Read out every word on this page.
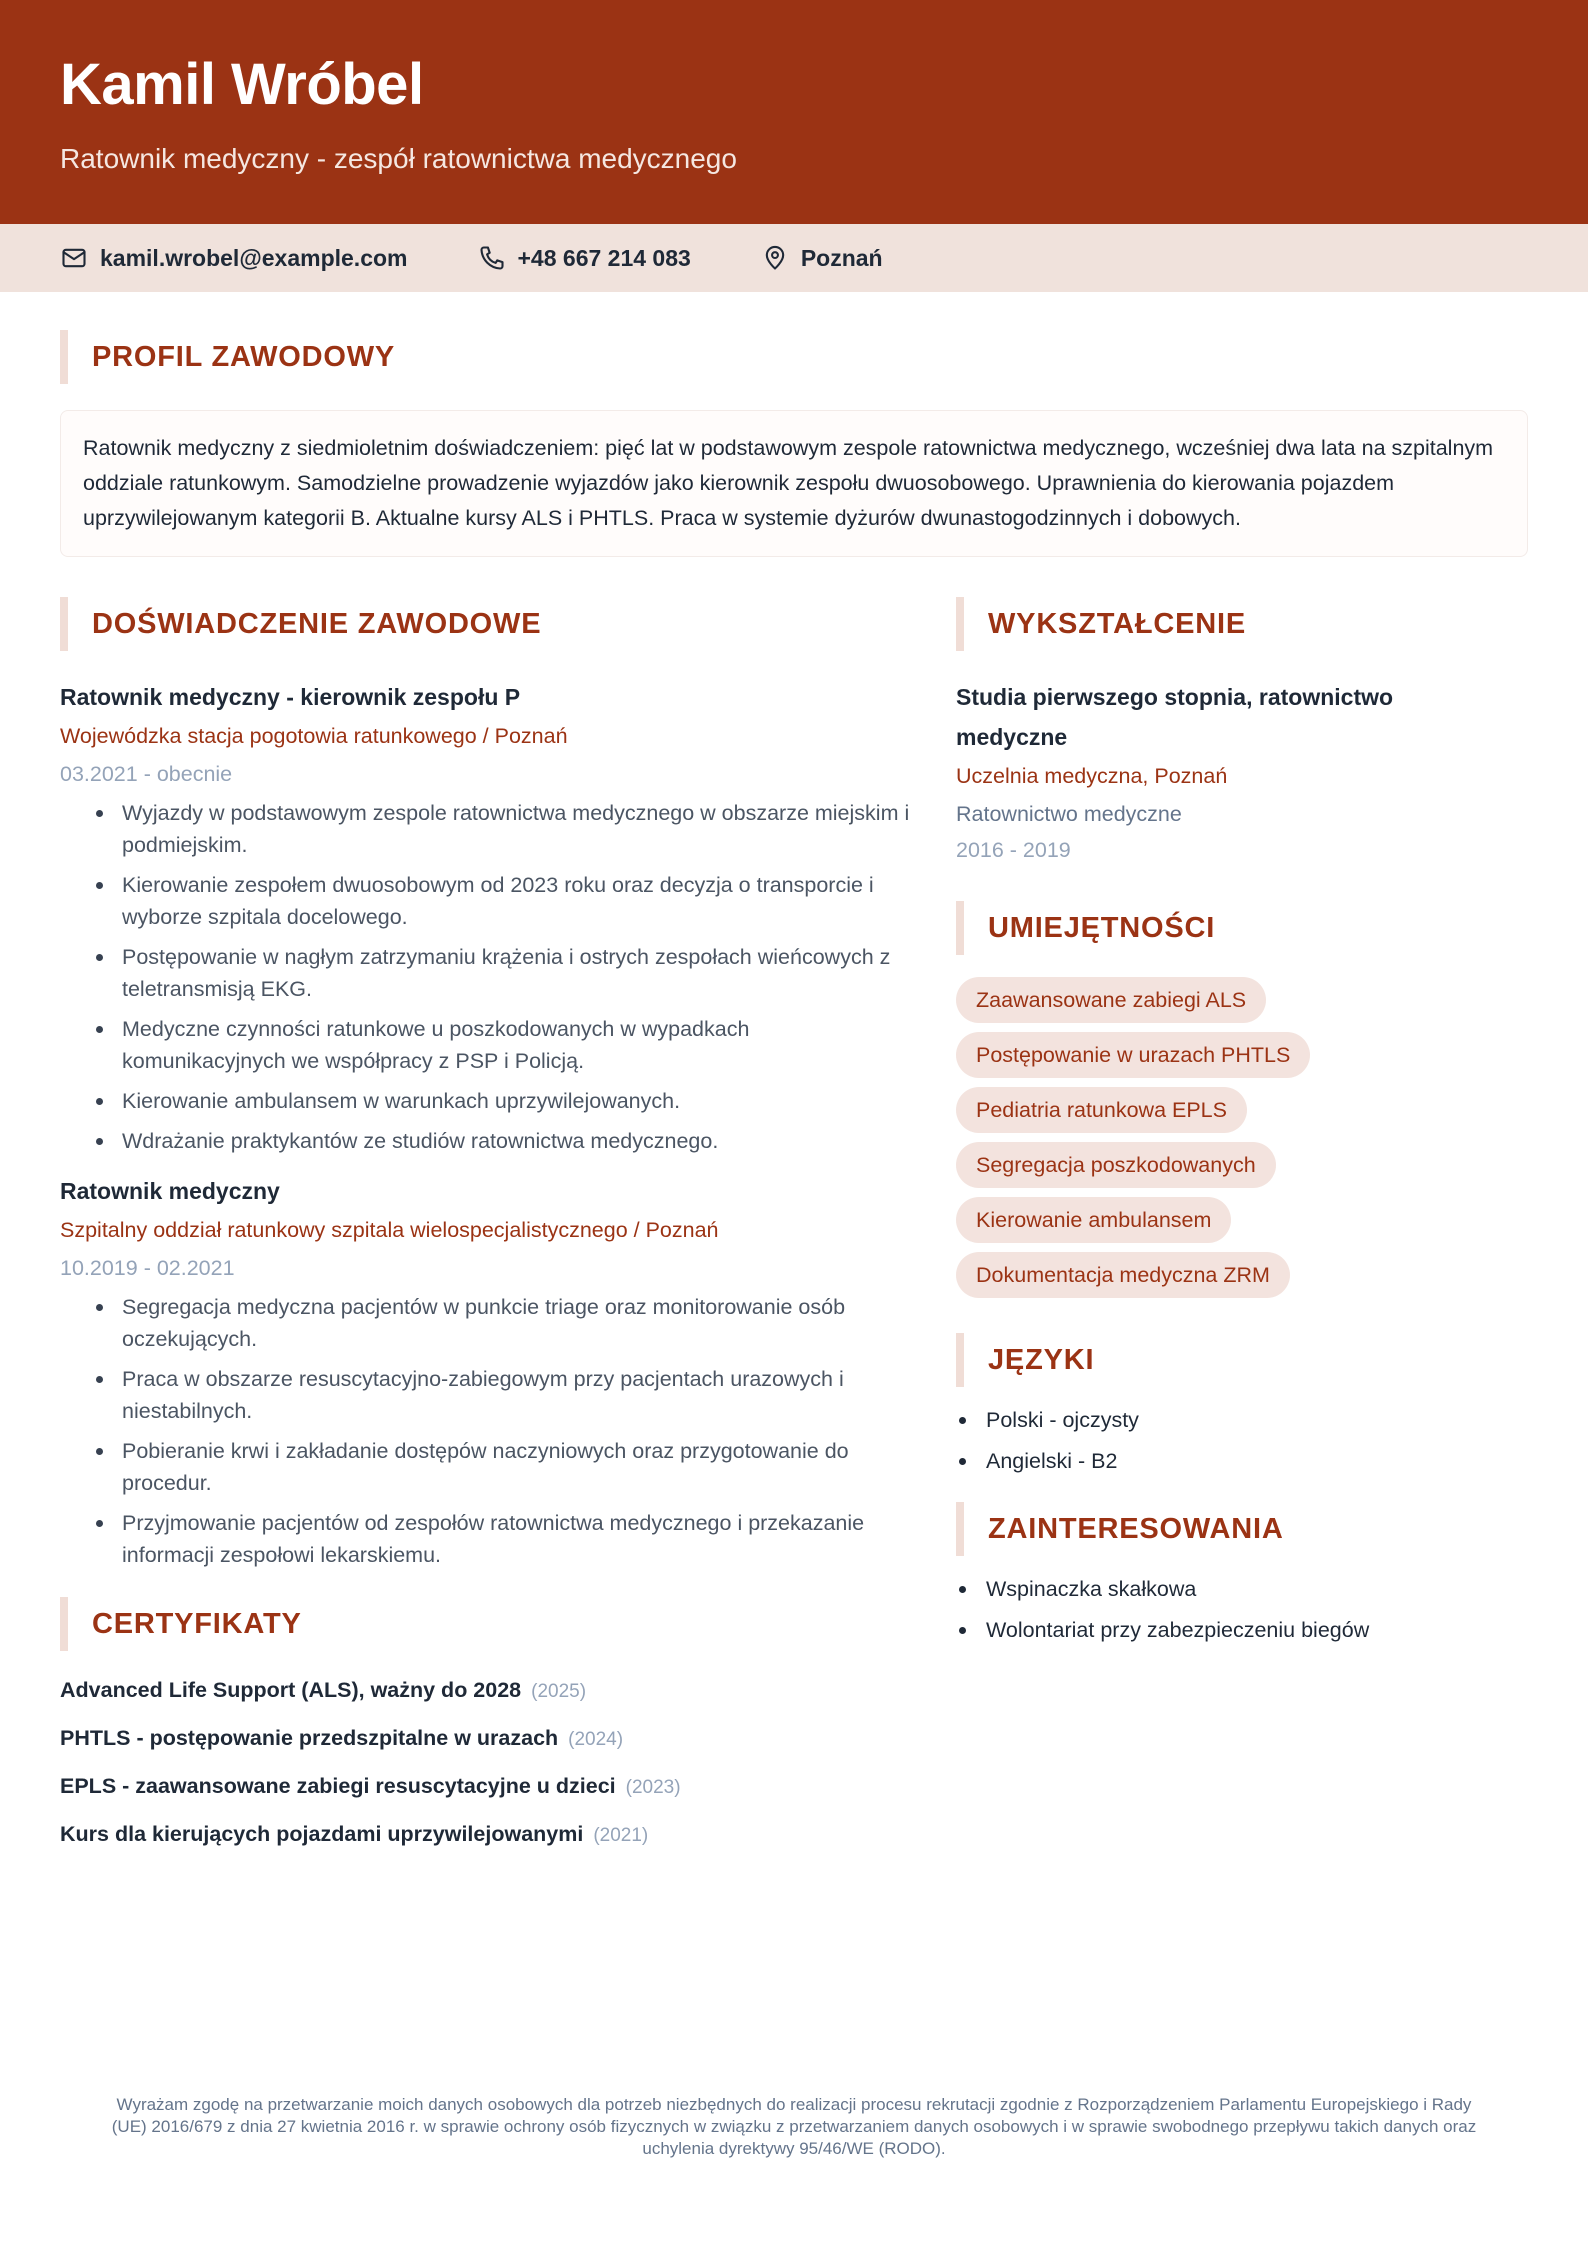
Kamil Wróbel
Ratownik medyczny - zespół ratownictwa medycznego
kamil.wrobel@example.com	+48 667 214 083	Poznań
PROFIL ZAWODOWY
Ratownik medyczny z siedmioletnim doświadczeniem: pięć lat w podstawowym zespole ratownictwa medycznego, wcześniej dwa lata na szpitalnym oddziale ratunkowym. Samodzielne prowadzenie wyjazdów jako kierownik zespołu dwuosobowego. Uprawnienia do kierowania pojazdem uprzywilejowanym kategorii B. Aktualne kursy ALS i PHTLS. Praca w systemie dyżurów dwunastogodzinnych i dobowych.
DOŚWIADCZENIE ZAWODOWE
Ratownik medyczny - kierownik zespołu P
Wojewódzka stacja pogotowia ratunkowego / Poznań
03.2021 - obecnie
Wyjazdy w podstawowym zespole ratownictwa medycznego w obszarze miejskim i podmiejskim.
Kierowanie zespołem dwuosobowym od 2023 roku oraz decyzja o transporcie i wyborze szpitala docelowego.
Postępowanie w nagłym zatrzymaniu krążenia i ostrych zespołach wieńcowych z teletransmisją EKG.
Medyczne czynności ratunkowe u poszkodowanych w wypadkach komunikacyjnych we współpracy z PSP i Policją.
Kierowanie ambulansem w warunkach uprzywilejowanych.
Wdrażanie praktykantów ze studiów ratownictwa medycznego.
Ratownik medyczny
Szpitalny oddział ratunkowy szpitala wielospecjalistycznego / Poznań
10.2019 - 02.2021
Segregacja medyczna pacjentów w punkcie triage oraz monitorowanie osób oczekujących.
Praca w obszarze resuscytacyjno-zabiegowym przy pacjentach urazowych i niestabilnych.
Pobieranie krwi i zakładanie dostępów naczyniowych oraz przygotowanie do procedur.
Przyjmowanie pacjentów od zespołów ratownictwa medycznego i przekazanie informacji zespołowi lekarskiemu.
CERTYFIKATY
Advanced Life Support (ALS), ważny do 2028 (2025)
PHTLS - postępowanie przedszpitalne w urazach (2024)
EPLS - zaawansowane zabiegi resuscytacyjne u dzieci (2023)
Kurs dla kierujących pojazdami uprzywilejowanymi (2021)
WYKSZTAŁCENIE
Studia pierwszego stopnia, ratownictwo
medyczne
Uczelnia medyczna, Poznań
Ratownictwo medyczne
2016 - 2019
UMIEJĘTNOŚCI
Zaawansowane zabiegi ALS
Postępowanie w urazach PHTLS
Pediatria ratunkowa EPLS
Segregacja poszkodowanych
Kierowanie ambulansem
Dokumentacja medyczna ZRM
JĘZYKI
Polski - ojczysty
Angielski - B2
ZAINTERESOWANIA
Wspinaczka skałkowa
Wolontariat przy zabezpieczeniu biegów
Wyrażam zgodę na przetwarzanie moich danych osobowych dla potrzeb niezbędnych do realizacji procesu rekrutacji zgodnie z Rozporządzeniem Parlamentu Europejskiego i Rady (UE) 2016/679 z dnia 27 kwietnia 2016 r. w sprawie ochrony osób fizycznych w związku z przetwarzaniem danych osobowych i w sprawie swobodnego przepływu takich danych oraz uchylenia dyrektywy 95/46/WE (RODO).
